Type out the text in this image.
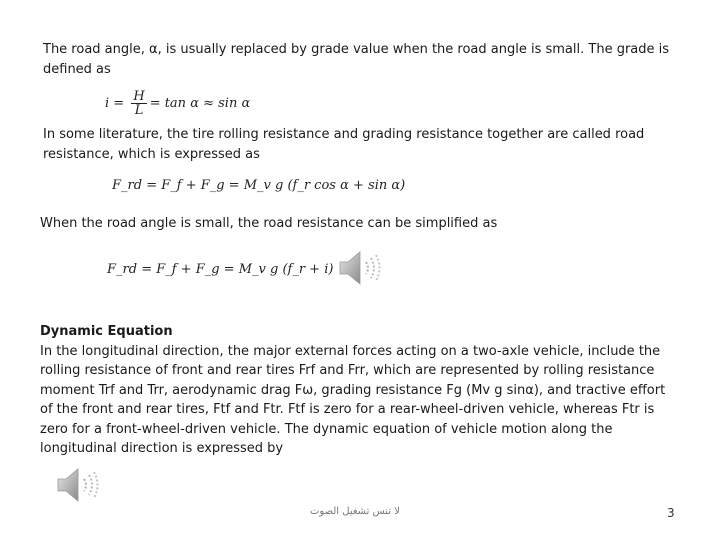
The road angle, α, is usually replaced by grade value when the road angle is small. The grade is defined as

$i = \frac{H}{L} = \tan \alpha \approx \sin \alpha$

In some literature, the tire rolling resistance and grading resistance together are called road resistance, which is expressed as

F_rd = F_f + F_g = M_v g (f_r cos α + sin α)

When the road angle is small, the road resistance can be simplified as

F_rd = F_f + F_g = M_v g (f_r + i)
Dynamic Equation
In the longitudinal direction, the major external forces acting on a two-axle vehicle, include the rolling resistance of front and rear tires Frf and Frr, which are represented by rolling resistance moment Trf and Trr, aerodynamic drag Fω, grading resistance Fg (Mv g sinα), and tractive effort of the front and rear tires, Ftf and Ftr. Ftf is zero for a rear-wheel-driven vehicle, whereas Ftr is zero for a front-wheel-driven vehicle. The dynamic equation of vehicle motion along the longitudinal direction is expressed by
لا تنس تشغيل الصوت	3
